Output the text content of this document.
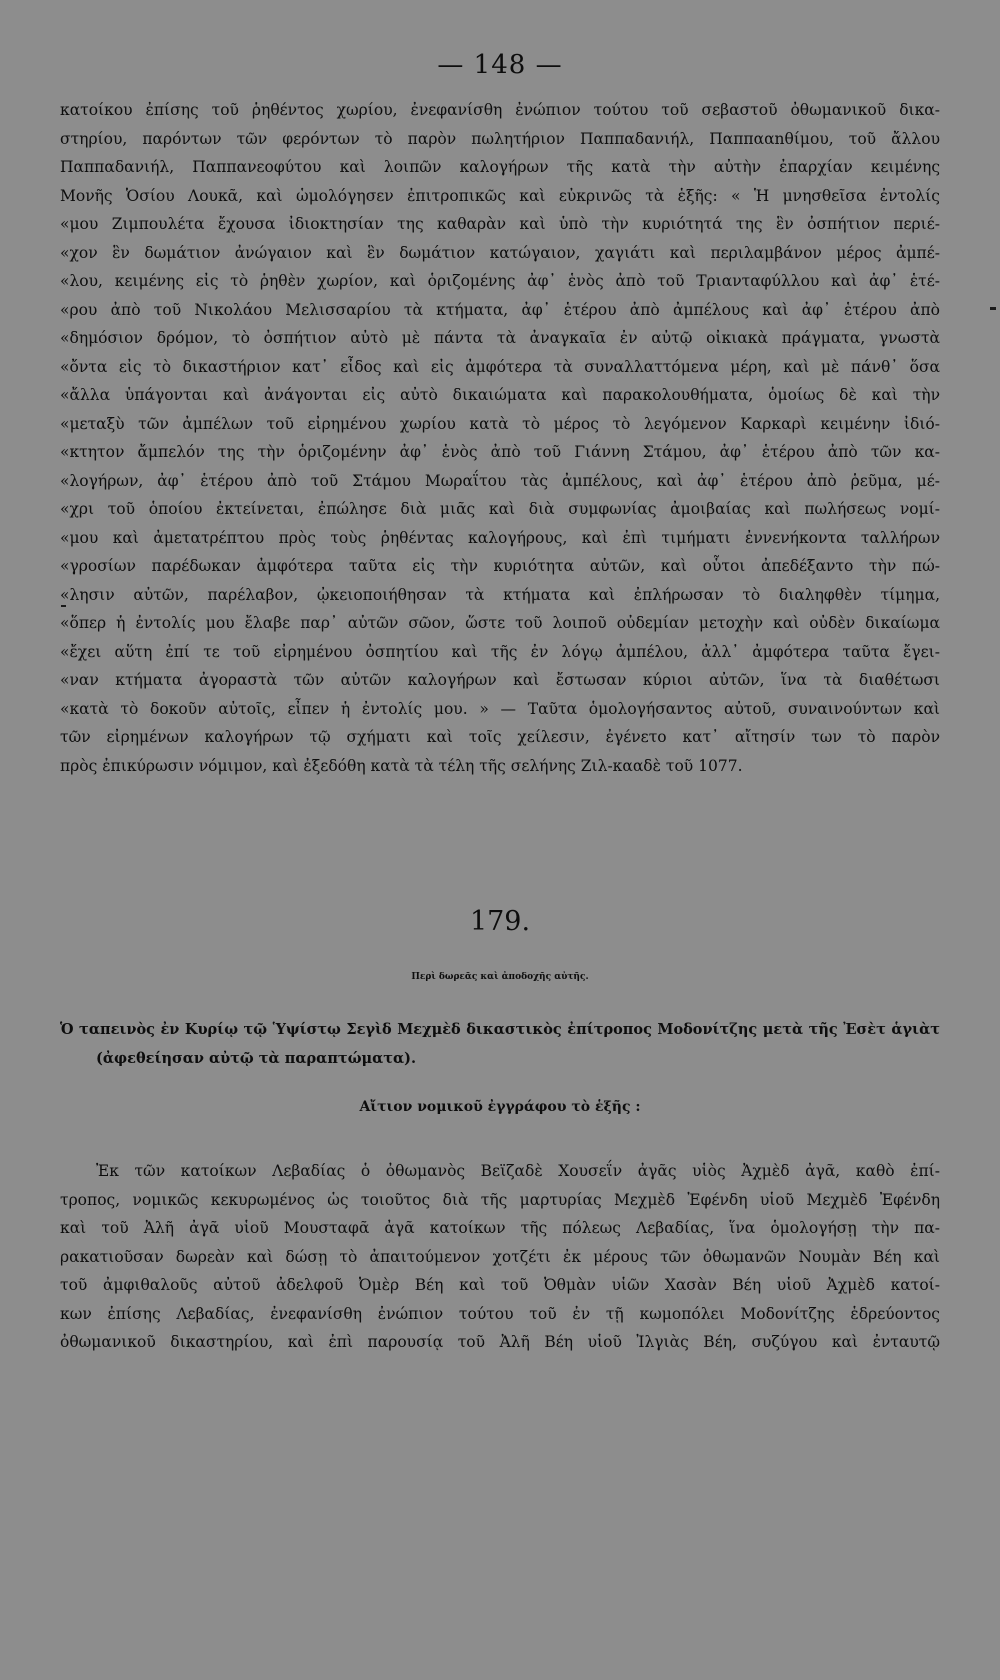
— 148 —
κατοίκου ἐπίσης τοῦ ῥηθέντος χωρίου, ἐνεφανίσθη ἐνώπιον τούτου τοῦ σεβαστοῦ ὀθωμανικοῦ δικα-
στηρίου, παρόντων τῶν φερόντων τὸ παρὸν πωλητήριον Παππαδανιήλ, Παππααnθίμου, τοῦ ἄλλου
Παππαδανιήλ, Παππανεοφύτου καὶ λοιπῶν καλογήρων τῆς κατὰ τὴν αὐτὴν ἐπαρχίαν κειμένης
Μονῆς Ὁσίου Λουκᾶ, καὶ ὡμολόγησεν ἐπιτροπικῶς καὶ εὐκρινῶς τὰ ἑξῆς: « Ἡ μνησθεῖσα ἐντολίς
«μου Ζιμπουλέτα ἔχουσα ἰδιοκτησίαν της καθαρὰν καὶ ὑπὸ τὴν κυριότητά της ἓν ὀσπήτιον περιέ-
«χον ἓν δωμάτιον ἀνώγαιον καὶ ἓν δωμάτιον κατώγαιον, χαγιάτι καὶ περιλαμβάνον μέρος ἀμπέ-
«λου, κειμένης εἰς τὸ ῥηθὲν χωρίον, καὶ ὁριζομένης ἀφ᾽ ἑνὸς ἀπὸ τοῦ Τριανταφύλλου καὶ ἀφ᾽ ἑτέ-
«ρου ἀπὸ τοῦ Νικολάου Μελισσαρίου τὰ κτήματα, ἀφ᾽ ἑτέρου ἀπὸ ἀμπέλους καὶ ἀφ᾽ ἑτέρου ἀπὸ
«δημόσιον δρόμον, τὸ ὀσπήτιον αὐτὸ μὲ πάντα τὰ ἀναγκαῖα ἐν αὐτῷ οἰκιακὰ πράγματα, γνωστὰ
«ὄντα εἰς τὸ δικαστήριον κατ᾽ εἶδος καὶ εἰς ἀμφότερα τὰ συναλλαττόμενα μέρη, καὶ μὲ πάνθ᾽ ὅσα
«ἄλλα ὑπάγονται καὶ ἀνάγονται εἰς αὐτὸ δικαιώματα καὶ παρακολουθήματα, ὁμοίως δὲ καὶ τὴν
«μεταξὺ τῶν ἀμπέλων τοῦ εἰρημένου χωρίου κατὰ τὸ μέρος τὸ λεγόμενον Καρκαρὶ κειμένην ἰδιό-
«κτητον ἄμπελόν της τὴν ὁριζομένην ἀφ᾽ ἑνὸς ἀπὸ τοῦ Γιάννη Στάμου, ἀφ᾽ ἑτέρου ἀπὸ τῶν κα-
«λογήρων, ἀφ᾽ ἑτέρου ἀπὸ τοῦ Στάμου Μωραΐτου τὰς ἀμπέλους, καὶ ἀφ᾽ ἑτέρου ἀπὸ ῥεῦμα, μέ-
«χρι τοῦ ὁποίου ἐκτείνεται, ἐπώλησε διὰ μιᾶς καὶ διὰ συμφωνίας ἀμοιβαίας καὶ πωλήσεως νομί-
«μου καὶ ἀμετατρέπτου πρὸς τοὺς ῥηθέντας καλογήρους, καὶ ἐπὶ τιμήματι ἐννενήκοντα ταλλήρων
«γροσίων παρέδωκαν ἀμφότερα ταῦτα εἰς τὴν κυριότητα αὐτῶν, καὶ οὗτοι ἀπεδέξαντο τὴν πώ-
«λησιν αὐτῶν, παρέλαβον, ᾠκειοποιήθησαν τὰ κτήματα καὶ ἐπλήρωσαν τὸ διαληφθὲν τίμημα,
«ὅπερ ἡ ἐντολίς μου ἔλαβε παρ᾽ αὐτῶν σῶον, ὥστε τοῦ λοιποῦ οὐδεμίαν μετοχὴν καὶ οὐδὲν δικαίωμα
«ἔχει αὕτη ἐπί τε τοῦ εἰρημένου ὀσπητίου καὶ τῆς ἐν λόγῳ ἀμπέλου, ἀλλ᾽ ἀμφότερα ταῦτα ἔγει-
«ναν κτήματα ἀγοραστὰ τῶν αὐτῶν καλογήρων καὶ ἔστωσαν κύριοι αὐτῶν, ἵνα τὰ διαθέτωσι
«κατὰ τὸ δοκοῦν αὐτοῖς, εἶπεν ἡ ἐντολίς μου. » — Ταῦτα ὁμολογήσαντος αὐτοῦ, συναινούντων καὶ
τῶν εἰρημένων καλογήρων τῷ σχήματι καὶ τοῖς χείλεσιν, ἐγένετο κατ᾽ αἴτησίν των τὸ παρὸν
πρὸς ἐπικύρωσιν νόμιμον, καὶ ἐξεδόθη κατὰ τὰ τέλη τῆς σελήνης Ζιλ-κααδὲ τοῦ 1077.
179.
Περὶ δωρεᾶς καὶ ἀποδοχῆς αὐτῆς.
Ὁ ταπεινὸς ἐν Κυρίῳ τῷ Ὑψίστῳ Σεγὶδ Μεχμὲδ δικαστικὸς ἐπίτροπος Μοδονίτζης μετὰ τῆς Ἐσὲτ ἁγιὰτ
(ἀφεθείησαν αὐτῷ τὰ παραπτώματα).
Αἴτιον νομικοῦ ἐγγράφου τὸ ἑξῆς :
Ἐκ τῶν κατοίκων Λεβαδίας ὁ ὀθωμανὸς Βεϊζαδὲ Χουσεΐν ἀγᾶς υἱὸς Ἀχμὲδ ἀγᾶ, καθὸ ἐπί-
τροπος, νομικῶς κεκυρωμένος ὡς τοιοῦτος διὰ τῆς μαρτυρίας Μεχμὲδ Ἐφένδη υἱοῦ Μεχμὲδ Ἐφένδη
καὶ τοῦ Ἀλῆ ἀγᾶ υἱοῦ Μουσταφᾶ ἀγᾶ κατοίκων τῆς πόλεως Λεβαδίας, ἵνα ὁμολογήσῃ τὴν πα-
ρακατιοῦσαν δωρεὰν καὶ δώσῃ τὸ ἀπαιτούμενον χοτζέτι ἐκ μέρους τῶν ὀθωμανῶν Νουμὰν Βέη καὶ
τοῦ ἀμφιθαλοῦς αὐτοῦ ἀδελφοῦ Ὀμὲρ Βέη καὶ τοῦ Ὀθμὰν υἱῶν Χασὰν Βέη υἱοῦ Ἀχμὲδ κατοί-
κων ἐπίσης Λεβαδίας, ἐνεφανίσθη ἐνώπιον τούτου τοῦ ἐν τῇ κωμοπόλει Μοδονίτζης ἑδρεύοντος
ὀθωμανικοῦ δικαστηρίου, καὶ ἐπὶ παρουσίᾳ τοῦ Ἀλῆ Βέη υἱοῦ Ἰλγιὰς Βέη, συζύγου καὶ ἐνταυτῷ
